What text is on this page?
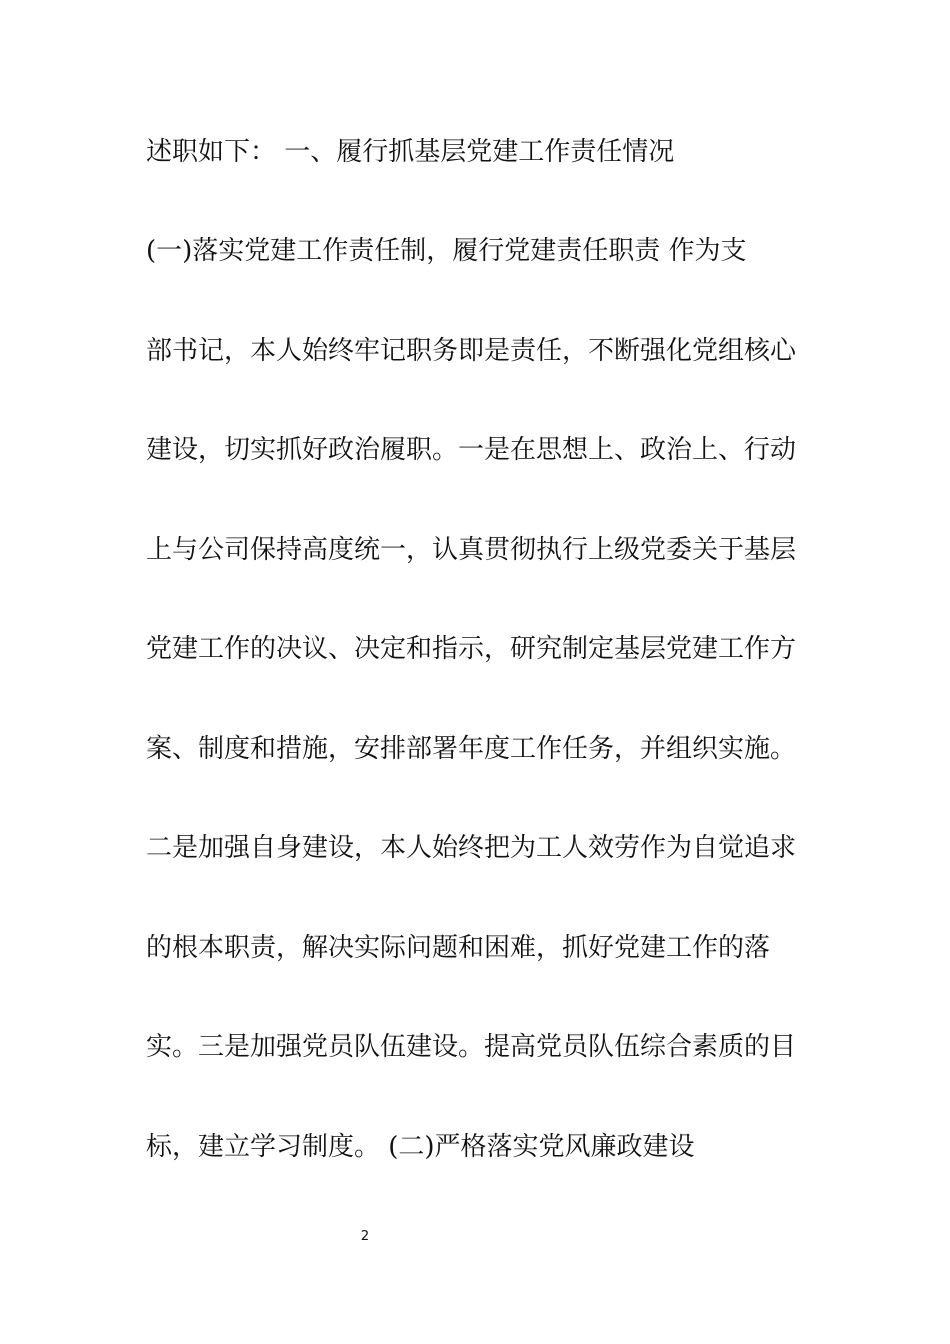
述职如下： 一、履行抓基层党建工作责任情况
(一)落实党建工作责任制，履行党建责任职责 作为支
部书记，本人始终牢记职务即是责任，不断强化党组核心
建设，切实抓好政治履职。一是在思想上、政治上、行动
上与公司保持高度统一，认真贯彻执行上级党委关于基层
党建工作的决议、决定和指示，研究制定基层党建工作方
案、制度和措施，安排部署年度工作任务，并组织实施。
二是加强自身建设，本人始终把为工人效劳作为自觉追求
的根本职责，解决实际问题和困难，抓好党建工作的落
实。三是加强党员队伍建设。提高党员队伍综合素质的目
标，建立学习制度。 (二)严格落实党风廉政建设
2
